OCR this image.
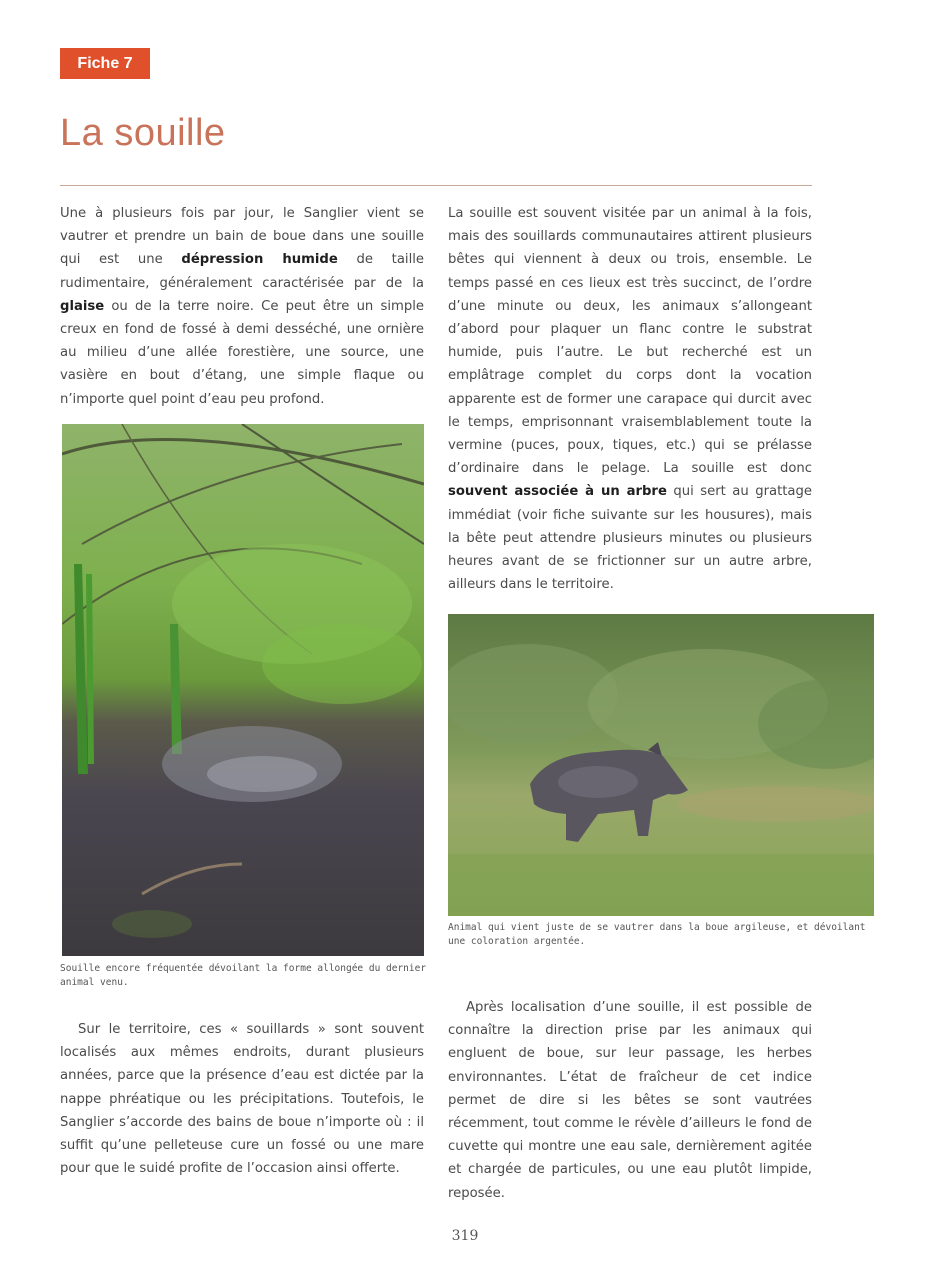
Fiche 7
La souille

Une à plusieurs fois par jour, le Sanglier vient se vautrer et prendre un bain de boue dans une souille qui est une dépression humide de taille rudimentaire, généralement caractérisée par de la glaise ou de la terre noire. Ce peut être un simple creux en fond de fossé à demi desséché, une ornière au milieu d’une allée forestière, une source, une vasière en bout d’étang, une simple flaque ou n’importe quel point d’eau peu profond.

La souille est souvent visitée par un animal à la fois, mais des souillards communautaires attirent plusieurs bêtes qui viennent à deux ou trois, ensemble. Le temps passé en ces lieux est très succinct, de l’ordre d’une minute ou deux, les animaux s’allongeant d’abord pour plaquer un flanc contre le substrat humide, puis l’autre. Le but recherché est un emplâtrage complet du corps dont la vocation apparente est de former une carapace qui durcit avec le temps, emprisonnant vraisemblablement toute la vermine (puces, poux, tiques, etc.) qui se prélasse d’ordinaire dans le pelage. La souille est donc souvent associée à un arbre qui sert au grattage immédiat (voir fiche suivante sur les housures), mais la bête peut attendre plusieurs minutes ou plusieurs heures avant de se frictionner sur un autre arbre, ailleurs dans le territoire.

Souille encore fréquentée dévoilant la forme allongée du dernier animal venu.

Animal qui vient juste de se vautrer dans la boue argileuse, et dévoilant une coloration argentée.

Sur le territoire, ces « souillards » sont souvent localisés aux mêmes endroits, durant plusieurs années, parce que la présence d’eau est dictée par la nappe phréatique ou les précipitations. Toutefois, le Sanglier s’accorde des bains de boue n’importe où : il suffit qu’une pelleteuse cure un fossé ou une mare pour que le suidé profite de l’occasion ainsi offerte.

Après localisation d’une souille, il est possible de connaître la direction prise par les animaux qui engluent de boue, sur leur passage, les herbes environnantes. L’état de fraîcheur de cet indice permet de dire si les bêtes se sont vautrées récemment, tout comme le révèle d’ailleurs le fond de cuvette qui montre une eau sale, dernièrement agitée et chargée de particules, ou une eau plutôt limpide, reposée.

319
